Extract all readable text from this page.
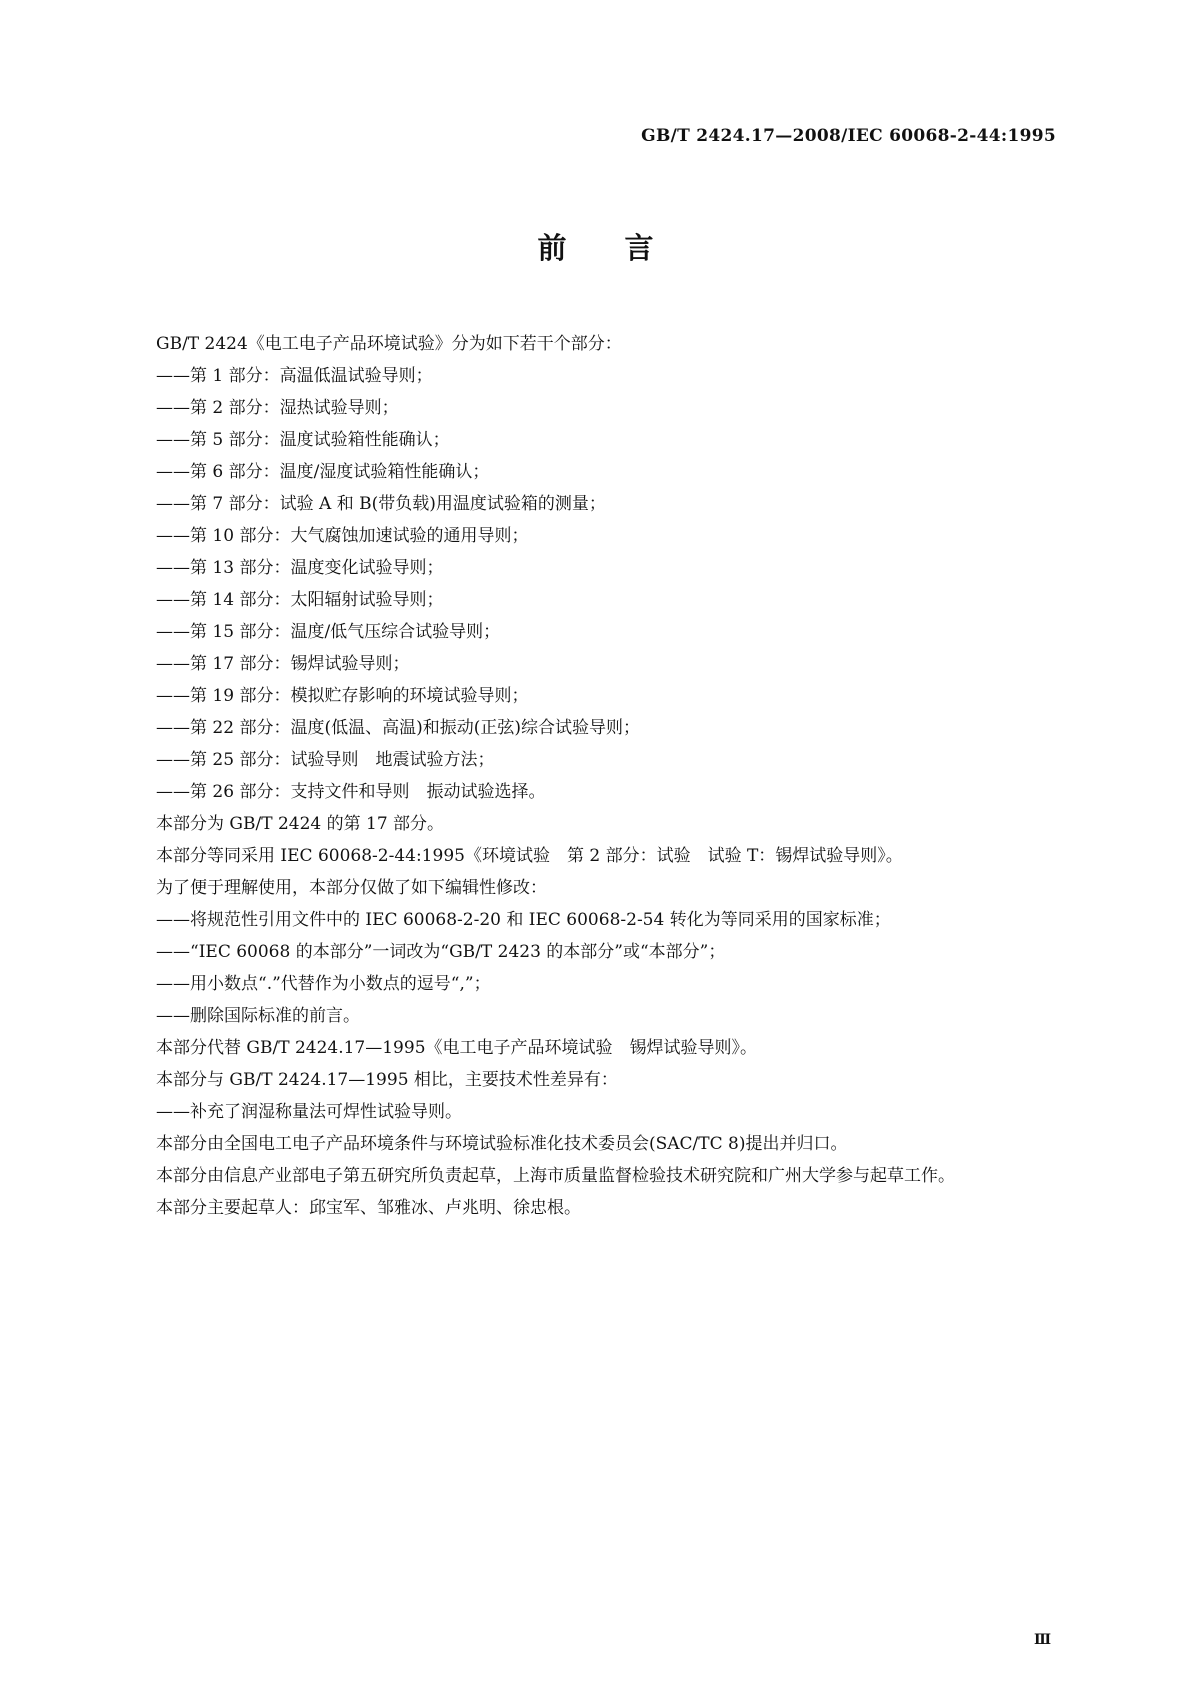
GB/T 2424.17—2008/IEC 60068-2-44:1995
前 言

GB/T 2424《电工电子产品环境试验》分为如下若干个部分：

——第 1 部分：高温低温试验导则；

——第 2 部分：湿热试验导则；

——第 5 部分：温度试验箱性能确认；

——第 6 部分：温度/湿度试验箱性能确认；

——第 7 部分：试验 A 和 B(带负载)用温度试验箱的测量；

——第 10 部分：大气腐蚀加速试验的通用导则；

——第 13 部分：温度变化试验导则；

——第 14 部分：太阳辐射试验导则；

——第 15 部分：温度/低气压综合试验导则；

——第 17 部分：锡焊试验导则；

——第 19 部分：模拟贮存影响的环境试验导则；

——第 22 部分：温度(低温、高温)和振动(正弦)综合试验导则；

——第 25 部分：试验导则　地震试验方法；

——第 26 部分：支持文件和导则　振动试验选择。

本部分为 GB/T 2424 的第 17 部分。

本部分等同采用 IEC 60068-2-44:1995《环境试验　第 2 部分：试验　试验 T：锡焊试验导则》。

为了便于理解使用，本部分仅做了如下编辑性修改：

——将规范性引用文件中的 IEC 60068-2-20 和 IEC 60068-2-54 转化为等同采用的国家标准；

——“IEC 60068 的本部分”一词改为“GB/T 2423 的本部分”或“本部分”；

——用小数点“.”代替作为小数点的逗号“,”；

——删除国际标准的前言。

本部分代替 GB/T 2424.17—1995《电工电子产品环境试验　锡焊试验导则》。

本部分与 GB/T 2424.17—1995 相比，主要技术性差异有：

——补充了润湿称量法可焊性试验导则。

本部分由全国电工电子产品环境条件与环境试验标准化技术委员会(SAC/TC 8)提出并归口。

本部分由信息产业部电子第五研究所负责起草，上海市质量监督检验技术研究院和广州大学参与起草工作。

本部分主要起草人：邱宝军、邹雅冰、卢兆明、徐忠根。

Ⅲ
